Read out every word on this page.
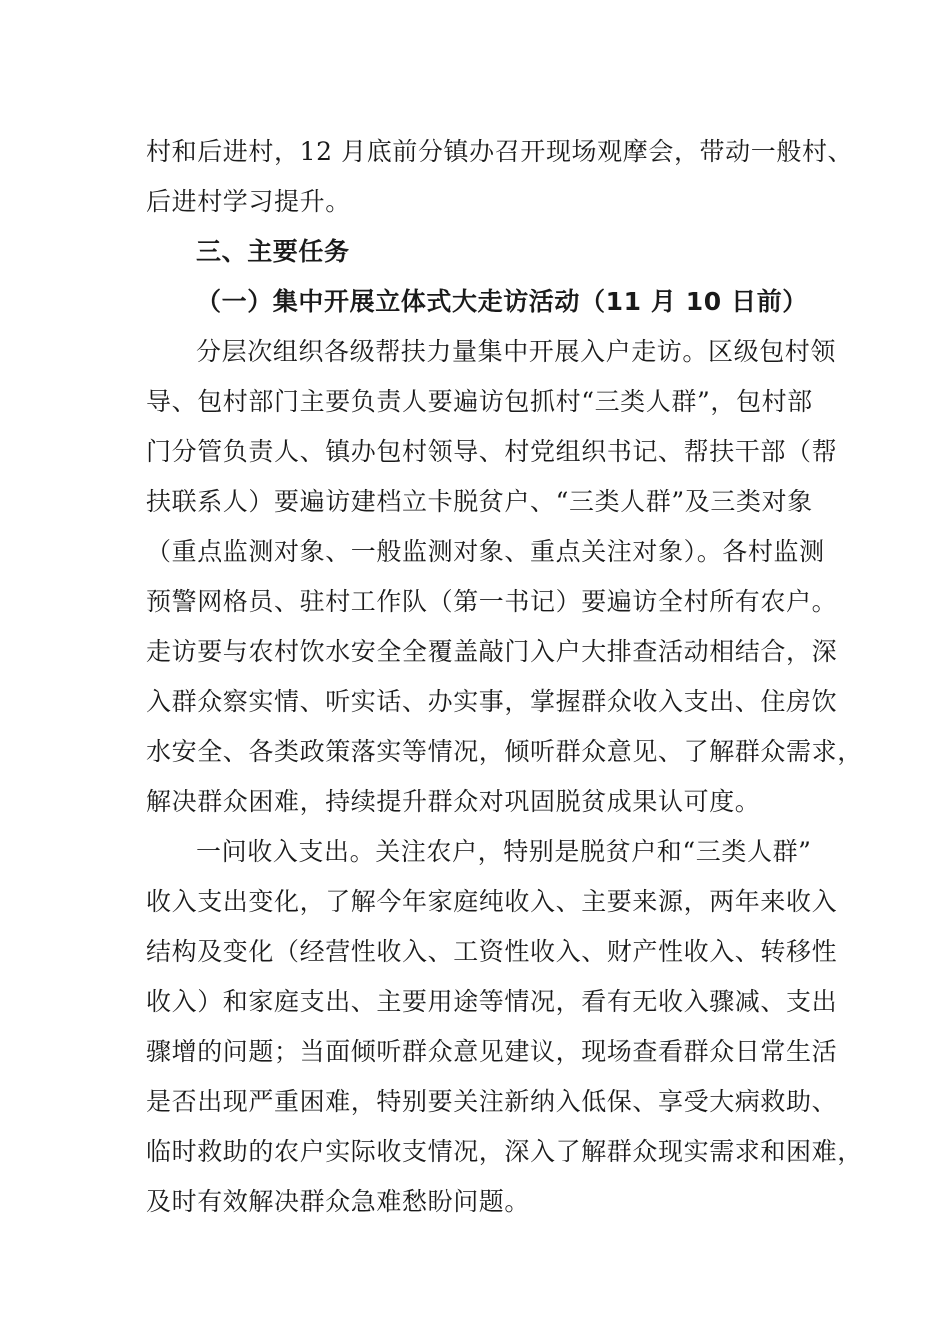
村和后进村，12 月底前分镇办召开现场观摩会，带动一般村、

后进村学习提升。

三、主要任务

（一）集中开展立体式大走访活动（11 月 10 日前）

分层次组织各级帮扶力量集中开展入户走访。区级包村领

导、包村部门主要负责人要遍访包抓村“三类人群”，包村部

门分管负责人、镇办包村领导、村党组织书记、帮扶干部（帮

扶联系人）要遍访建档立卡脱贫户、“三类人群”及三类对象

（重点监测对象、一般监测对象、重点关注对象）。各村监测

预警网格员、驻村工作队（第一书记）要遍访全村所有农户。

走访要与农村饮水安全全覆盖敲门入户大排查活动相结合，深

入群众察实情、听实话、办实事，掌握群众收入支出、住房饮

水安全、各类政策落实等情况，倾听群众意见、了解群众需求，

解决群众困难，持续提升群众对巩固脱贫成果认可度。

一问收入支出。关注农户，特别是脱贫户和“三类人群”

收入支出变化，了解今年家庭纯收入、主要来源，两年来收入

结构及变化（经营性收入、工资性收入、财产性收入、转移性

收入）和家庭支出、主要用途等情况，看有无收入骤减、支出

骤增的问题；当面倾听群众意见建议，现场查看群众日常生活

是否出现严重困难，特别要关注新纳入低保、享受大病救助、

临时救助的农户实际收支情况，深入了解群众现实需求和困难，

及时有效解决群众急难愁盼问题。
